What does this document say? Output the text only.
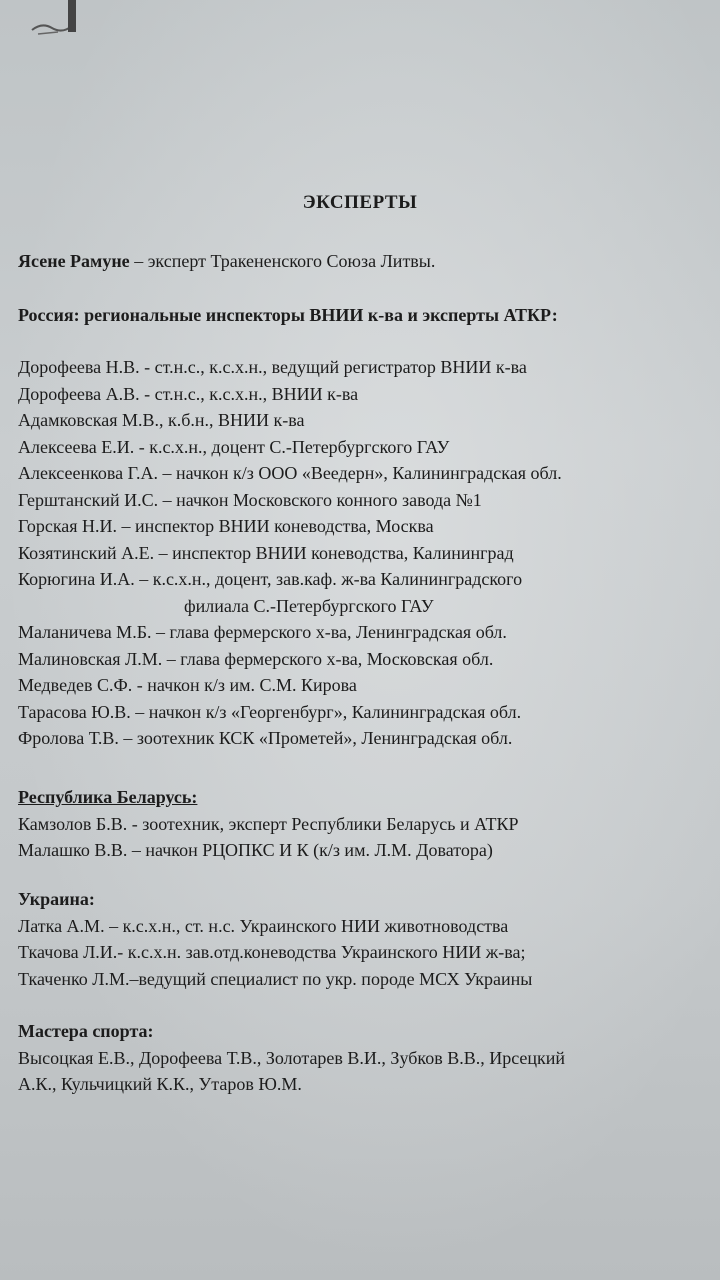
ЭКСПЕРТЫ
Ясене Рамуне – эксперт Тракененского Союза Литвы.
Россия: региональные инспекторы ВНИИ к-ва и эксперты АТКР:
Дорофеева Н.В. - ст.н.с., к.с.х.н., ведущий регистратор ВНИИ к-ва
Дорофеева А.В. - ст.н.с., к.с.х.н., ВНИИ к-ва
Адамковская М.В., к.б.н., ВНИИ к-ва
Алексеева Е.И. - к.с.х.н., доцент С.-Петербургского ГАУ
Алексеенкова Г.А. – начкон к/з ООО «Веедерн», Калининградская обл.
Герштанский И.С. – начкон Московского конного завода №1
Горская Н.И. – инспектор ВНИИ коневодства, Москва
Козятинский А.Е. – инспектор ВНИИ коневодства, Калининград
Корюгина И.А. – к.с.х.н., доцент, зав.каф. ж-ва Калининградского
филиала С.-Петербургского ГАУ
Маланичева М.Б. – глава фермерского х-ва, Ленинградская обл.
Малиновская Л.М. – глава фермерского х-ва, Московская обл.
Медведев С.Ф. - начкон к/з им. С.М. Кирова
Тарасова Ю.В. – начкон к/з «Георгенбург», Калининградская обл.
Фролова Т.В. – зоотехник КСК «Прометей», Ленинградская обл.
Республика Беларусь:
Камзолов Б.В. - зоотехник, эксперт Республики Беларусь и АТКР
Малашко В.В. – начкон РЦОПКС И К (к/з им. Л.М. Доватора)
Украина:
Латка А.М. – к.с.х.н., ст. н.с. Украинского НИИ животноводства
Ткачова Л.И.- к.с.х.н. зав.отд.коневодства Украинского НИИ ж-ва;
Ткаченко Л.М.–ведущий специалист по укр. породе МСХ Украины
Мастера спорта:
Высоцкая Е.В., Дорофеева Т.В., Золотарев В.И., Зубков В.В., Ирсецкий
А.К., Кульчицкий К.К., Утаров Ю.М.
